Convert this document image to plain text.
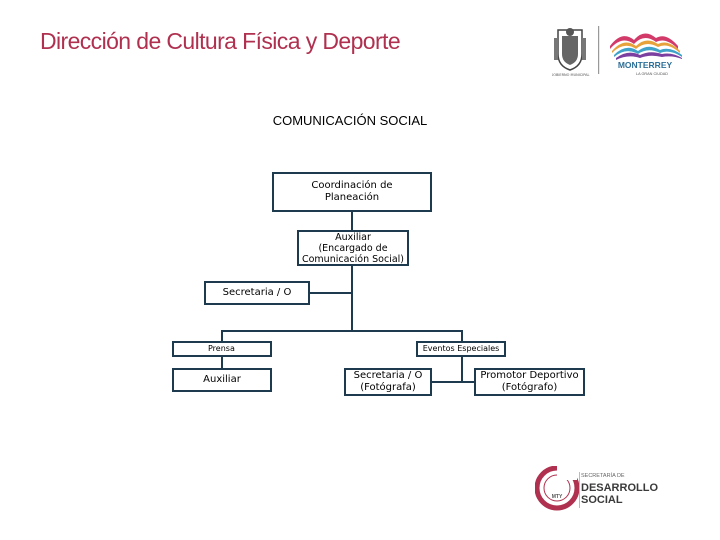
Dirección de Cultura Física y Deporte
GOBIERNO MUNICIPAL
MONTERREY
LA GRAN CIUDAD
COMUNICACIÓN SOCIAL
Coordinación de
Planeación
Auxiliar
(Encargado de
Comunicación Social)
Secretaria / O
Prensa	Eventos Especiales
Auxiliar	Secretaria / O
(Fotógrafa)
Promotor Deportivo
(Fotógrafo)
MTY
SECRETARÍA DE
DESARROLLO
SOCIAL
